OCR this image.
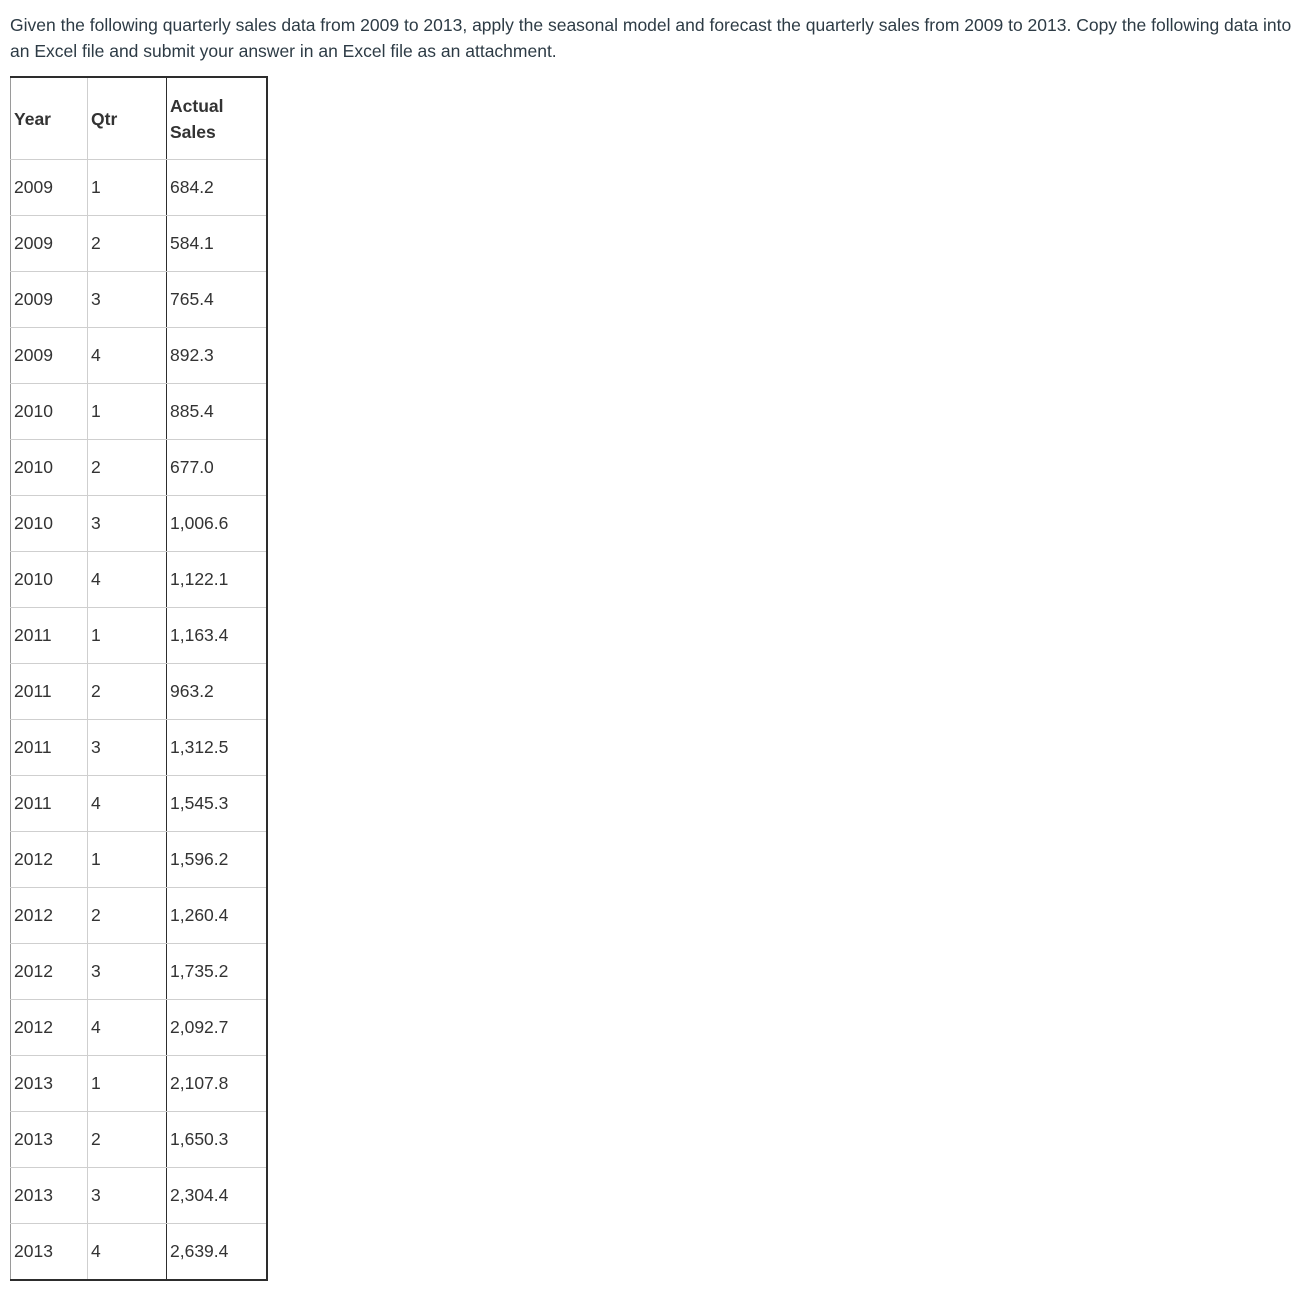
Given the following quarterly sales data from 2009 to 2013, apply the seasonal model and forecast the quarterly sales from 2009 to 2013. Copy the following data into an Excel file and submit your answer in an Excel file as an attachment.

Year	Qtr	Actual
Sales
2009	1	684.2
2009	2	584.1
2009	3	765.4
2009	4	892.3
2010	1	885.4
2010	2	677.0
2010	3	1,006.6
2010	4	1,122.1
2011	1	1,163.4
2011	2	963.2
2011	3	1,312.5
2011	4	1,545.3
2012	1	1,596.2
2012	2	1,260.4
2012	3	1,735.2
2012	4	2,092.7
2013	1	2,107.8
2013	2	1,650.3
2013	3	2,304.4
2013	4	2,639.4
